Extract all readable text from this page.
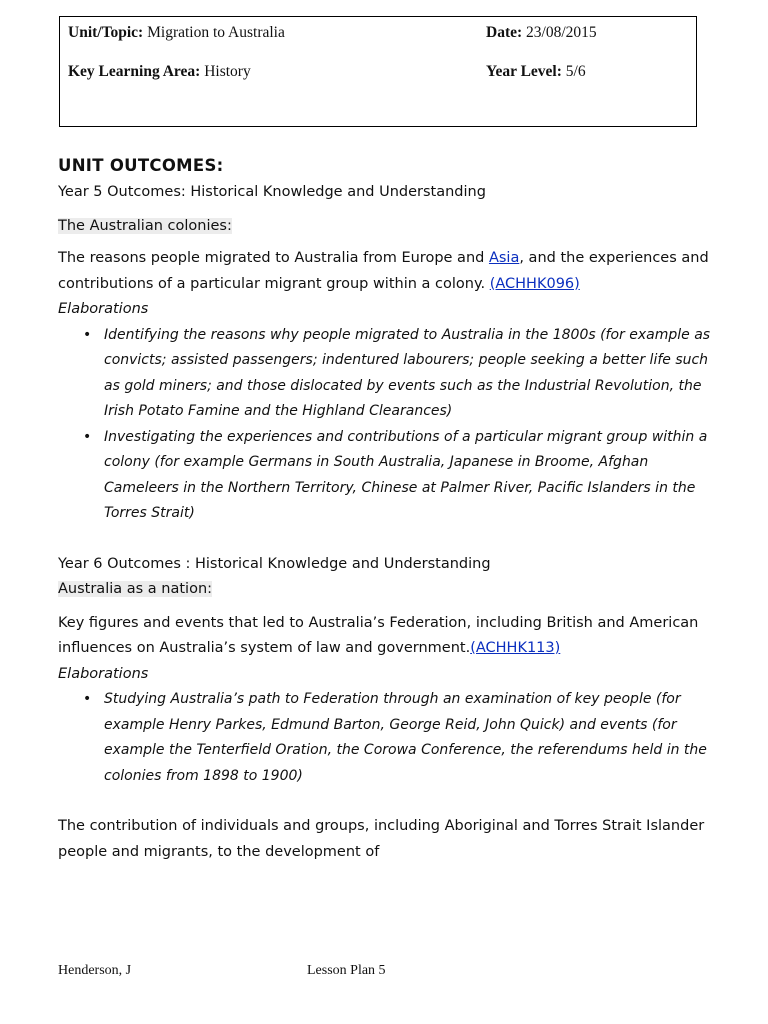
Unit/Topic: Migration to Australia	Date: 23/08/2015
Key Learning Area: History	Year Level: 5/6
UNIT OUTCOMES:
Year 5 Outcomes: Historical Knowledge and Understanding
The Australian colonies:
The reasons people migrated to Australia from Europe and Asia, and the experiences and contributions of a particular migrant group within a colony. (ACHHK096)
Elaborations
• Identifying the reasons why people migrated to Australia in the 1800s (for example as convicts; assisted passengers; indentured labourers; people seeking a better life such as gold miners; and those dislocated by events such as the Industrial Revolution, the Irish Potato Famine and the Highland Clearances)
• Investigating the experiences and contributions of a particular migrant group within a colony (for example Germans in South Australia, Japanese in Broome, Afghan Cameleers in the Northern Territory, Chinese at Palmer River, Pacific Islanders in the Torres Strait)
Year 6 Outcomes : Historical Knowledge and Understanding
Australia as a nation:
Key figures and events that led to Australia’s Federation, including British and American influences on Australia’s system of law and government.(ACHHK113)
Elaborations
• Studying Australia’s path to Federation through an examination of key people (for example Henry Parkes, Edmund Barton, George Reid, John Quick) and events (for example the Tenterfield Oration, the Corowa Conference, the referendums held in the colonies from 1898 to 1900)
The contribution of individuals and groups, including Aboriginal and Torres Strait Islander people and migrants, to the development of
Henderson, J	Lesson Plan 5
